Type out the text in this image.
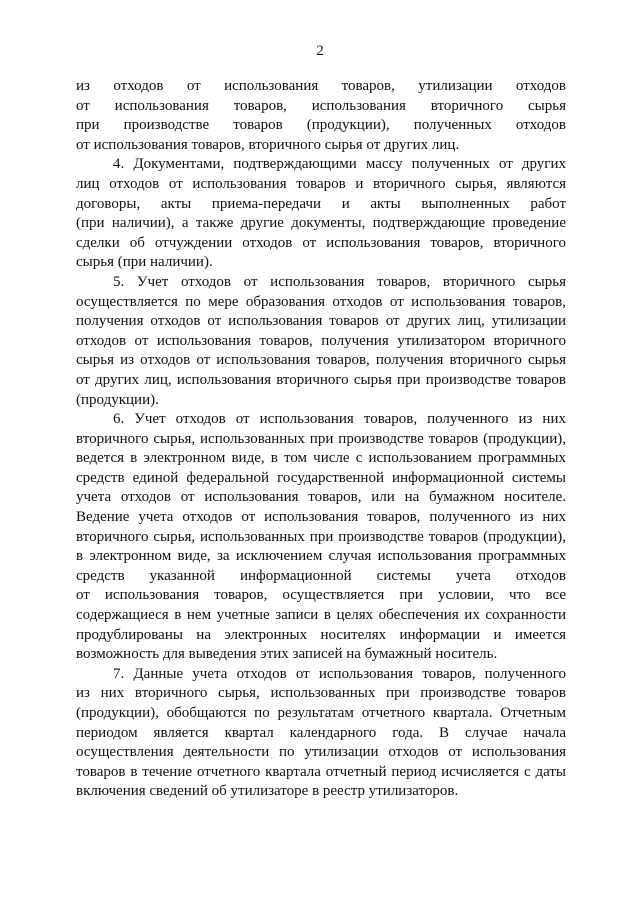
2
из отходов от использования товаров, утилизации отходов
от использования товаров, использования вторичного сырья
при производстве товаров (продукции), полученных отходов
от использования товаров, вторичного сырья от других лиц.
4. Документами, подтверждающими массу полученных от других
лиц отходов от использования товаров и вторичного сырья, являются
договоры, акты приема-передачи и акты выполненных работ
(при наличии), а также другие документы, подтверждающие проведение
сделки об отчуждении отходов от использования товаров, вторичного
сырья (при наличии).
5. Учет отходов от использования товаров, вторичного сырья
осуществляется по мере образования отходов от использования товаров,
получения отходов от использования товаров от других лиц, утилизации
отходов от использования товаров, получения утилизатором вторичного
сырья из отходов от использования товаров, получения вторичного сырья
от других лиц, использования вторичного сырья при производстве товаров
(продукции).
6. Учет отходов от использования товаров, полученного из них
вторичного сырья, использованных при производстве товаров (продукции),
ведется в электронном виде, в том числе с использованием программных
средств единой федеральной государственной информационной системы
учета отходов от использования товаров, или на бумажном носителе.
Ведение учета отходов от использования товаров, полученного из них
вторичного сырья, использованных при производстве товаров (продукции),
в электронном виде, за исключением случая использования программных
средств указанной информационной системы учета отходов
от использования товаров, осуществляется при условии, что все
содержащиеся в нем учетные записи в целях обеспечения их сохранности
продублированы на электронных носителях информации и имеется
возможность для выведения этих записей на бумажный носитель.
7. Данные учета отходов от использования товаров, полученного
из них вторичного сырья, использованных при производстве товаров
(продукции), обобщаются по результатам отчетного квартала. Отчетным
периодом является квартал календарного года. В случае начала
осуществления деятельности по утилизации отходов от использования
товаров в течение отчетного квартала отчетный период исчисляется с даты
включения сведений об утилизаторе в реестр утилизаторов.
